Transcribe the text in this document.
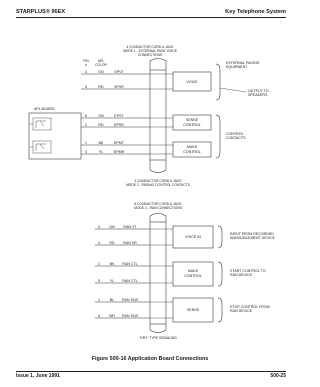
STARPLUS® 96EX	Key Telephone System
4 CONDUCTOR CORD & JACK
MODE 1 - EXTERNAL PAGE VOICE
CONNECTIONS
PIN
#
APL
COLOR
APL BOARD
3	GN	SPVT
5	RD	SPVR
6	GN	EPST
2	RD	EPSR
1	BK	EPMT
4	YL	EPMR
VOICE
SENSE
CONTROL
MAKE
CONTROL
EXTERNAL PAGING
EQUIPMENT
OUTPUT TO
SPEAKERS
CONTROL
CONTACTS
4 CONDUCTOR CORD & JACK
MODE 2 - PAGING CONTROL CONTACTS
6 CONDUCTOR CORD & JACK
MODE 3 - RAN CONNECTIONS
3	GN RAN VT
4	RD RAN VR
2	BK RAN CTL
5	YL RAN CTL
1	BL RAN SNS
6	WH RAN SNS
VOICE IN
MAKE
CONTROL
SENSE
INPUT FROM RECORDED
ANNOUNCEMENT DEVICE
START CONTROL TO
RAN DEVICE
STOP CONTROL FROM
RAN DEVICE
"DRY" TYPE SIGNALING
Figure 500-16 Application Board Connections
Issue 1, June 1991	500-25
